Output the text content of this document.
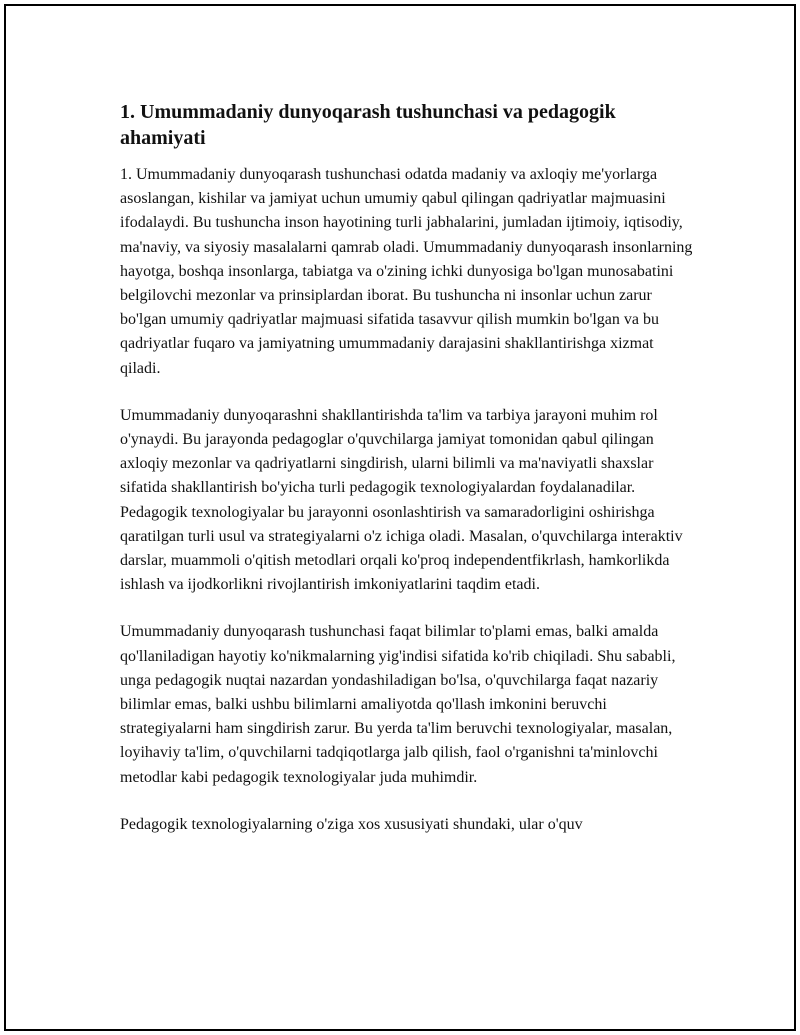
1. Umummadaniy dunyoqarash tushunchasi va pedagogik ahamiyati

1. Umummadaniy dunyoqarash tushunchasi odatda madaniy va axloqiy me'yorlarga asoslangan, kishilar va jamiyat uchun umumiy qabul qilingan qadriyatlar majmuasini ifodalaydi. Bu tushuncha inson hayotining turli jabhalarini, jumladan ijtimoiy, iqtisodiy, ma'naviy, va siyosiy masalalarni qamrab oladi. Umummadaniy dunyoqarash insonlarning hayotga, boshqa insonlarga, tabiatga va o'zining ichki dunyosiga bo'lgan munosabatini belgilovchi mezonlar va prinsiplardan iborat. Bu tushuncha ni insonlar uchun zarur bo'lgan umumiy qadriyatlar majmuasi sifatida tasavvur qilish mumkin bo'lgan va bu qadriyatlar fuqaro va jamiyatning umummadaniy darajasini shakllantirishga xizmat qiladi.

Umummadaniy dunyoqarashni shakllantirishda ta'lim va tarbiya jarayoni muhim rol o'ynaydi. Bu jarayonda pedagoglar o'quvchilarga jamiyat tomonidan qabul qilingan axloqiy mezonlar va qadriyatlarni singdirish, ularni bilimli va ma'naviyatli shaxslar sifatida shakllantirish bo'yicha turli pedagogik texnologiyalardan foydalanadilar. Pedagogik texnologiyalar bu jarayonni osonlashtirish va samaradorligini oshirishga qaratilgan turli usul va strategiyalarni o'z ichiga oladi. Masalan, o'quvchilarga interaktiv darslar, muammoli o'qitish metodlari orqali ko'proq independentfikrlash, hamkorlikda ishlash va ijodkorlikni rivojlantirish imkoniyatlarini taqdim etadi.

Umummadaniy dunyoqarash tushunchasi faqat bilimlar to'plami emas, balki amalda qo'llaniladigan hayotiy ko'nikmalarning yig'indisi sifatida ko'rib chiqiladi. Shu sababli, unga pedagogik nuqtai nazardan yondashiladigan bo'lsa, o'quvchilarga faqat nazariy bilimlar emas, balki ushbu bilimlarni amaliyotda qo'llash imkonini beruvchi strategiyalarni ham singdirish zarur. Bu yerda ta'lim beruvchi texnologiyalar, masalan, loyihaviy ta'lim, o'quvchilarni tadqiqotlarga jalb qilish, faol o'rganishni ta'minlovchi metodlar kabi pedagogik texnologiyalar juda muhimdir.

Pedagogik texnologiyalarning o'ziga xos xususiyati shundaki, ular o'quv
